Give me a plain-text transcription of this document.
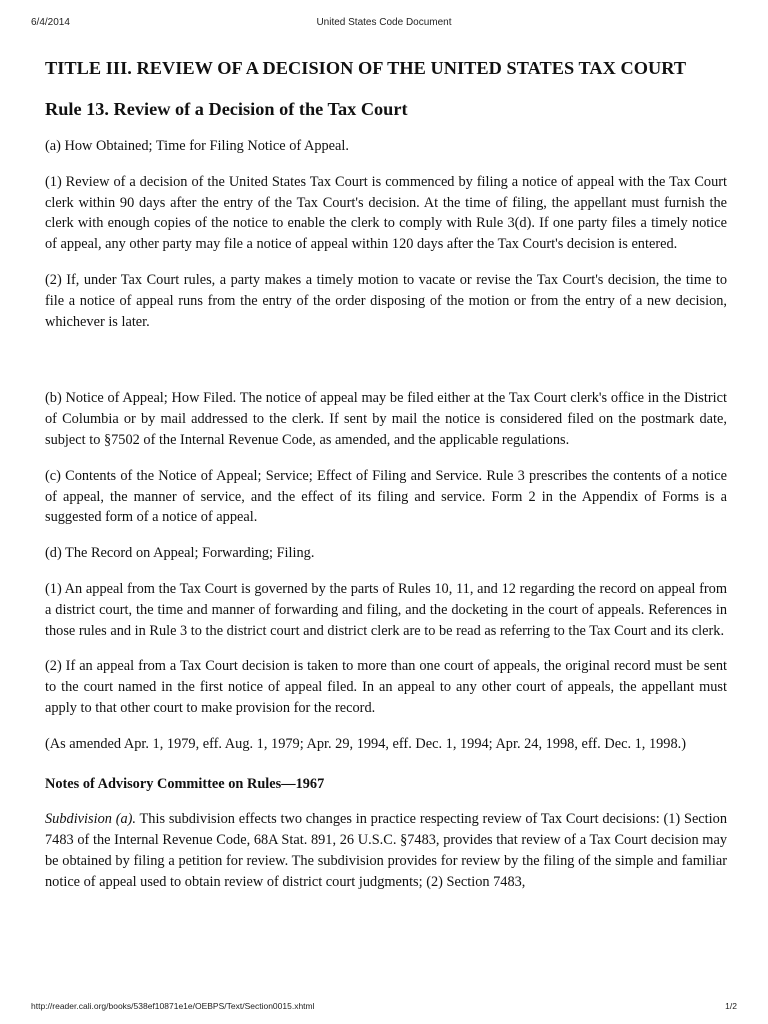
6/4/2014	United States Code Document
TITLE III. REVIEW OF A DECISION OF THE UNITED STATES TAX COURT
Rule 13. Review of a Decision of the Tax Court

(a) How Obtained; Time for Filing Notice of Appeal.

(1) Review of a decision of the United States Tax Court is commenced by filing a notice of appeal with the Tax Court clerk within 90 days after the entry of the Tax Court's decision. At the time of filing, the appellant must furnish the clerk with enough copies of the notice to enable the clerk to comply with Rule 3(d). If one party files a timely notice of appeal, any other party may file a notice of appeal within 120 days after the Tax Court's decision is entered.

(2) If, under Tax Court rules, a party makes a timely motion to vacate or revise the Tax Court's decision, the time to file a notice of appeal runs from the entry of the order disposing of the motion or from the entry of a new decision, whichever is later.

(b) Notice of Appeal; How Filed. The notice of appeal may be filed either at the Tax Court clerk's office in the District of Columbia or by mail addressed to the clerk. If sent by mail the notice is considered filed on the postmark date, subject to §7502 of the Internal Revenue Code, as amended, and the applicable regulations.

(c) Contents of the Notice of Appeal; Service; Effect of Filing and Service. Rule 3 prescribes the contents of a notice of appeal, the manner of service, and the effect of its filing and service. Form 2 in the Appendix of Forms is a suggested form of a notice of appeal.

(d) The Record on Appeal; Forwarding; Filing.

(1) An appeal from the Tax Court is governed by the parts of Rules 10, 11, and 12 regarding the record on appeal from a district court, the time and manner of forwarding and filing, and the docketing in the court of appeals. References in those rules and in Rule 3 to the district court and district clerk are to be read as referring to the Tax Court and its clerk.

(2) If an appeal from a Tax Court decision is taken to more than one court of appeals, the original record must be sent to the court named in the first notice of appeal filed. In an appeal to any other court of appeals, the appellant must apply to that other court to make provision for the record.

(As amended Apr. 1, 1979, eff. Aug. 1, 1979; Apr. 29, 1994, eff. Dec. 1, 1994; Apr. 24, 1998, eff. Dec. 1, 1998.)

Notes of Advisory Committee on Rules—1967

Subdivision (a). This subdivision effects two changes in practice respecting review of Tax Court decisions: (1) Section 7483 of the Internal Revenue Code, 68A Stat. 891, 26 U.S.C. §7483, provides that review of a Tax Court decision may be obtained by filing a petition for review. The subdivision provides for review by the filing of the simple and familiar notice of appeal used to obtain review of district court judgments; (2) Section 7483,

http://reader.cali.org/books/538ef10871e1e/OEBPS/Text/Section0015.xhtml	1/2
